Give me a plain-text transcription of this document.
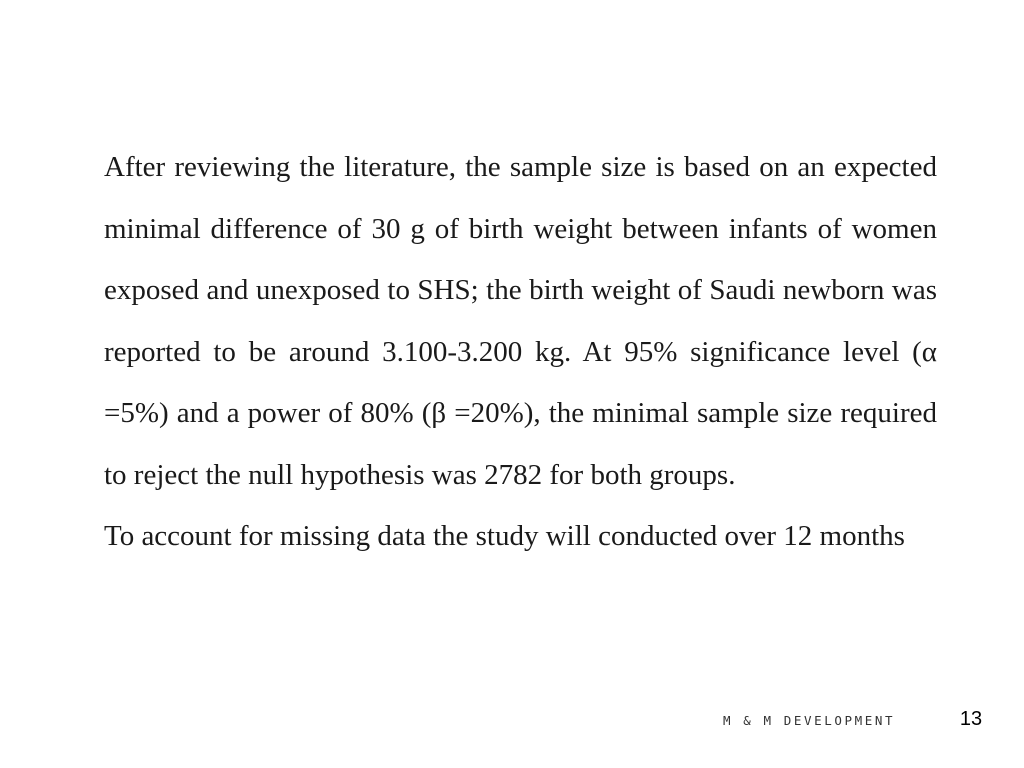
After reviewing the literature, the sample size is based on an expected minimal difference of 30 g of birth weight between infants of women exposed and unexposed to SHS; the birth weight of Saudi newborn was reported to be around 3.100-3.200 kg. At 95% significance level (α =5%) and a power of 80% (β =20%), the minimal sample size required to reject the null hypothesis was 2782 for both groups.

To account for missing data the study will conducted over 12 months

M & M DEVELOPMENT	13
